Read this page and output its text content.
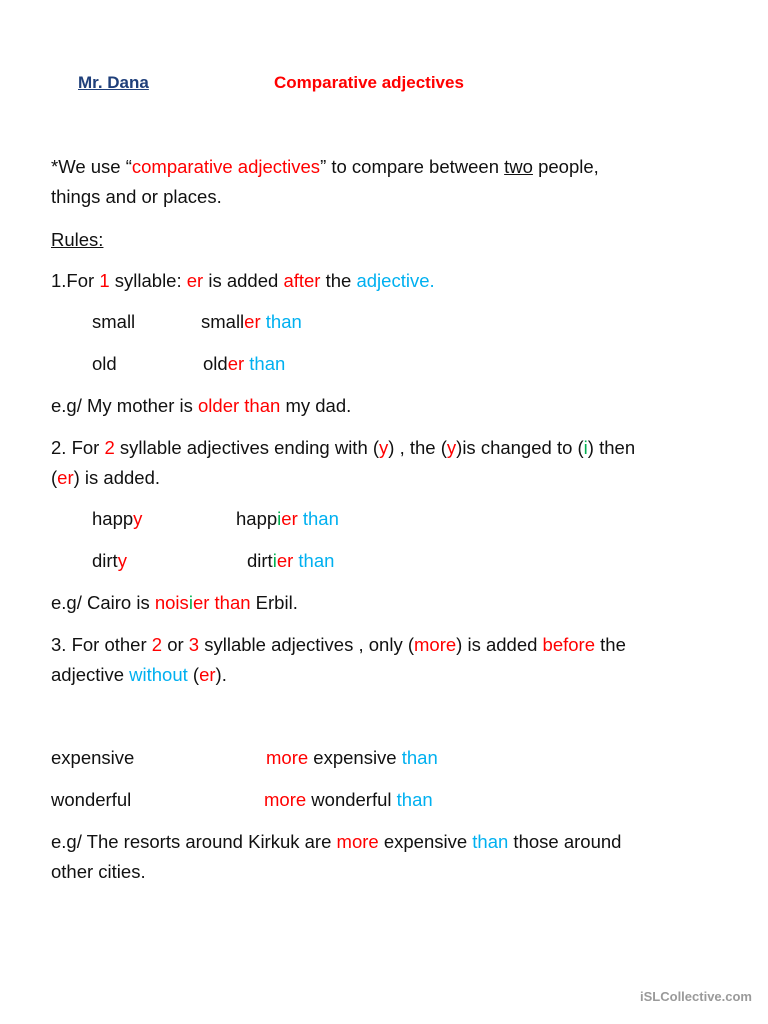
Mr. Dana	Comparative adjectives
*We use “comparative adjectives” to compare between two people,
things and or places.
Rules:
1.For 1 syllable: er is added after the adjective.
small	smaller than
old	older than
e.g/ My mother is older than my dad.
2. For 2 syllable adjectives ending with (y) , the (y)is changed to (i) then
(er) is added.
happy	happier than
dirty	dirtier than
e.g/ Cairo is noisier than Erbil.
3. For other 2 or 3 syllable adjectives , only (more) is added before the
adjective without (er).
expensive	more expensive than
wonderful	more wonderful than
e.g/ The resorts around Kirkuk are more expensive than those around
other cities.
iSLCollective.com
